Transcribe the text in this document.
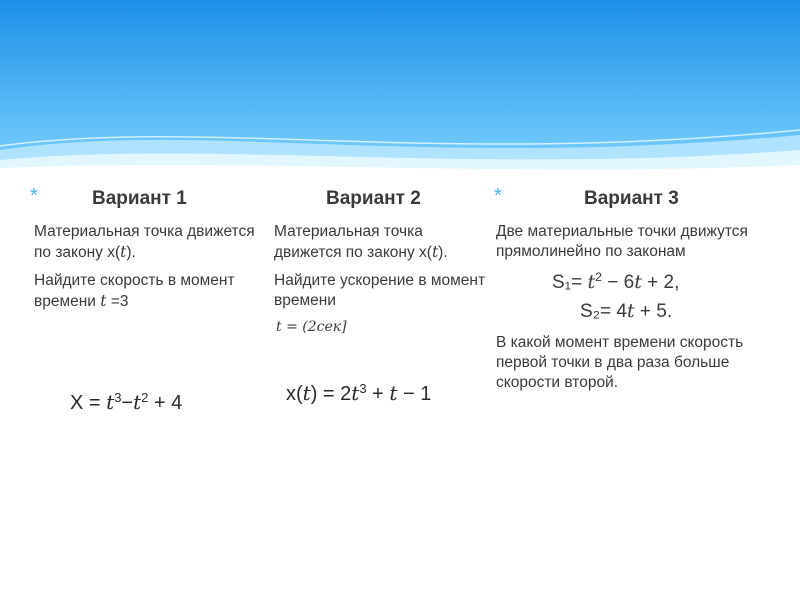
*	Вариант 1
Материальная точка движется по закону x(t).
Найдите скорость в момент времени t =3
$X = t^3-t^2 + 4$
Вариант 2
Материальная точка движется по закону x(t).
Найдите ускорение в момент времени
t = (2сек]
$x(t) = 2t^3 + t - 1$
*	Вариант 3
Две материальные точки движутся прямолинейно по законам
$S_1= t^2 - 6t + 2$,
S₂= 4t + 5.
В какой момент времени скорость первой точки в два раза больше скорости второй.
